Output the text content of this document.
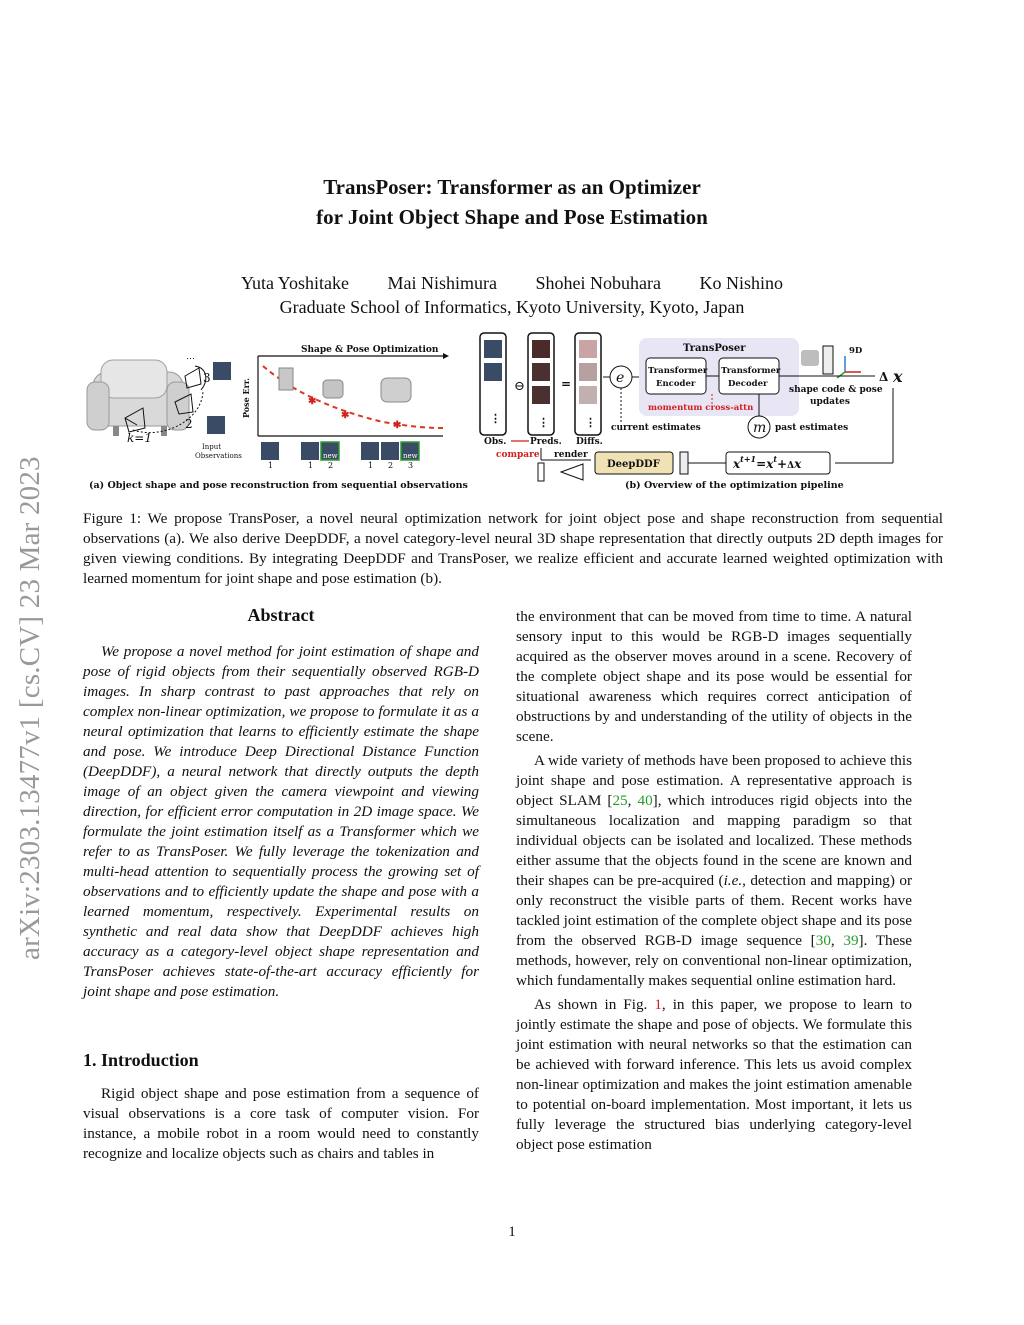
TransPoser: Transformer as an Optimizer
for Joint Object Shape and Pose Estimation
Yuta Yoshitake Mai Nishimura Shohei Nobuhara Ko Nishino
Graduate School of Informatics, Kyoto University, Kyoto, Japan
arXiv:2303.13477v1 [cs.CV] 23 Mar 2023
⋯
k=1
2
3
Input
Observations
Shape & Pose Optimization
Pose Err.	✱
✱
✱
new	new
1	1 2	1 2 3
(a) Object shape and pose reconstruction from sequential observations
⋮
⊖
⋮
=
⋮
Obs.	Preds. Diffs.
compare render
e
TransPoser
Transformer
Encoder
Transformer
Decoder
momentum cross-attn
current estimates	m past estimates
9D
shape code & pose
updates
Δ x
$x^{t+1}=x^t+\Delta x$
DeepDDF
(b) Overview of the optimization pipeline
Figure 1: We propose TransPoser, a novel neural optimization network for joint object pose and shape reconstruction from sequential observations (a). We also derive DeepDDF, a novel category-level neural 3D shape representation that directly outputs 2D depth images for given viewing conditions. By integrating DeepDDF and TransPoser, we realize efficient and accurate learned weighted optimization with learned momentum for joint shape and pose estimation (b).
Abstract

We propose a novel method for joint estimation of shape and pose of rigid objects from their sequentially observed RGB-D images. In sharp contrast to past approaches that rely on complex non-linear optimization, we propose to formulate it as a neural optimization that learns to efficiently estimate the shape and pose. We introduce Deep Directional Distance Function (DeepDDF), a neural network that directly outputs the depth image of an object given the camera viewpoint and viewing direction, for efficient error computation in 2D image space. We formulate the joint estimation itself as a Transformer which we refer to as TransPoser. We fully leverage the tokenization and multi-head attention to sequentially process the growing set of observations and to efficiently update the shape and pose with a learned momentum, respectively. Experimental results on synthetic and real data show that DeepDDF achieves high accuracy as a category-level object shape representation and TransPoser achieves state-of-the-art accuracy efficiently for joint shape and pose estimation.

1. Introduction

Rigid object shape and pose estimation from a sequence of visual observations is a core task of computer vision. For instance, a mobile robot in a room would need to constantly recognize and localize objects such as chairs and tables in

the environment that can be moved from time to time. A natural sensory input to this would be RGB-D images sequentially acquired as the observer moves around in a scene. Recovery of the complete object shape and its pose would be essential for situational awareness which requires correct anticipation of obstructions by and understanding of the utility of objects in the scene.

A wide variety of methods have been proposed to achieve this joint shape and pose estimation. A representative approach is object SLAM [25, 40], which introduces rigid objects into the simultaneous localization and mapping paradigm so that individual objects can be isolated and localized. These methods either assume that the objects found in the scene are known and their shapes can be pre-acquired (i.e., detection and mapping) or only reconstruct the visible parts of them. Recent works have tackled joint estimation of the complete object shape and its pose from the observed RGB-D image sequence [30, 39]. These methods, however, rely on conventional non-linear optimization, which fundamentally makes sequential online estimation hard.

As shown in Fig. 1, in this paper, we propose to learn to jointly estimate the shape and pose of objects. We formulate this joint estimation with neural networks so that the estimation can be achieved with forward inference. This lets us avoid complex non-linear optimization and makes the joint estimation amenable to potential on-board implementation. Most important, it lets us fully leverage the structured bias underlying category-level object pose estimation

1
